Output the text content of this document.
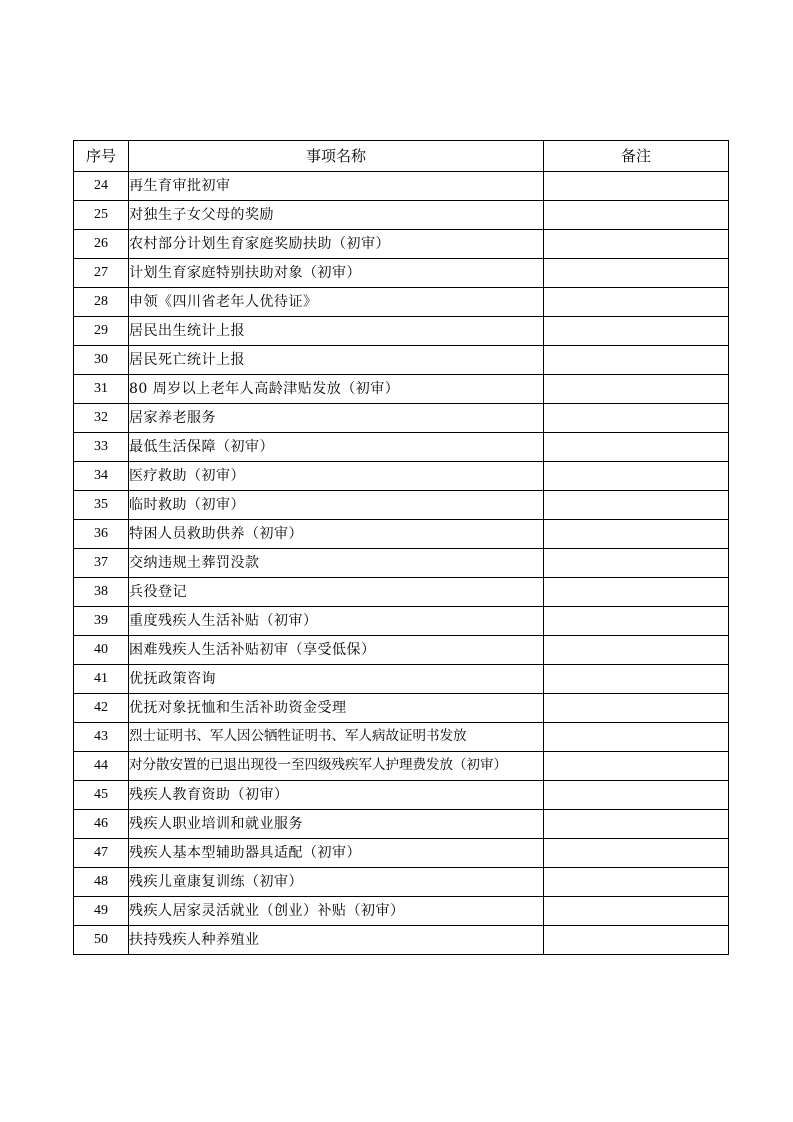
序号	事项名称	备注
24	再生育审批初审	
25	对独生子女父母的奖励	
26	农村部分计划生育家庭奖励扶助（初审）	
27	计划生育家庭特别扶助对象（初审）	
28	申领《四川省老年人优待证》	
29	居民出生统计上报	
30	居民死亡统计上报	
31	80 周岁以上老年人高龄津贴发放（初审）	
32	居家养老服务	
33	最低生活保障（初审）	
34	医疗救助（初审）	
35	临时救助（初审）	
36	特困人员救助供养（初审）	
37	交纳违规土葬罚没款	
38	兵役登记	
39	重度残疾人生活补贴（初审）	
40	困难残疾人生活补贴初审（享受低保）	
41	优抚政策咨询	
42	优抚对象抚恤和生活补助资金受理	
43	烈士证明书、军人因公牺牲证明书、军人病故证明书发放	
44	对分散安置的已退出现役一至四级残疾军人护理费发放（初审）	
45	残疾人教育资助（初审）	
46	残疾人职业培训和就业服务	
47	残疾人基本型辅助器具适配（初审）	
48	残疾儿童康复训练（初审）	
49	残疾人居家灵活就业（创业）补贴（初审）	
50	扶持残疾人种养殖业	
